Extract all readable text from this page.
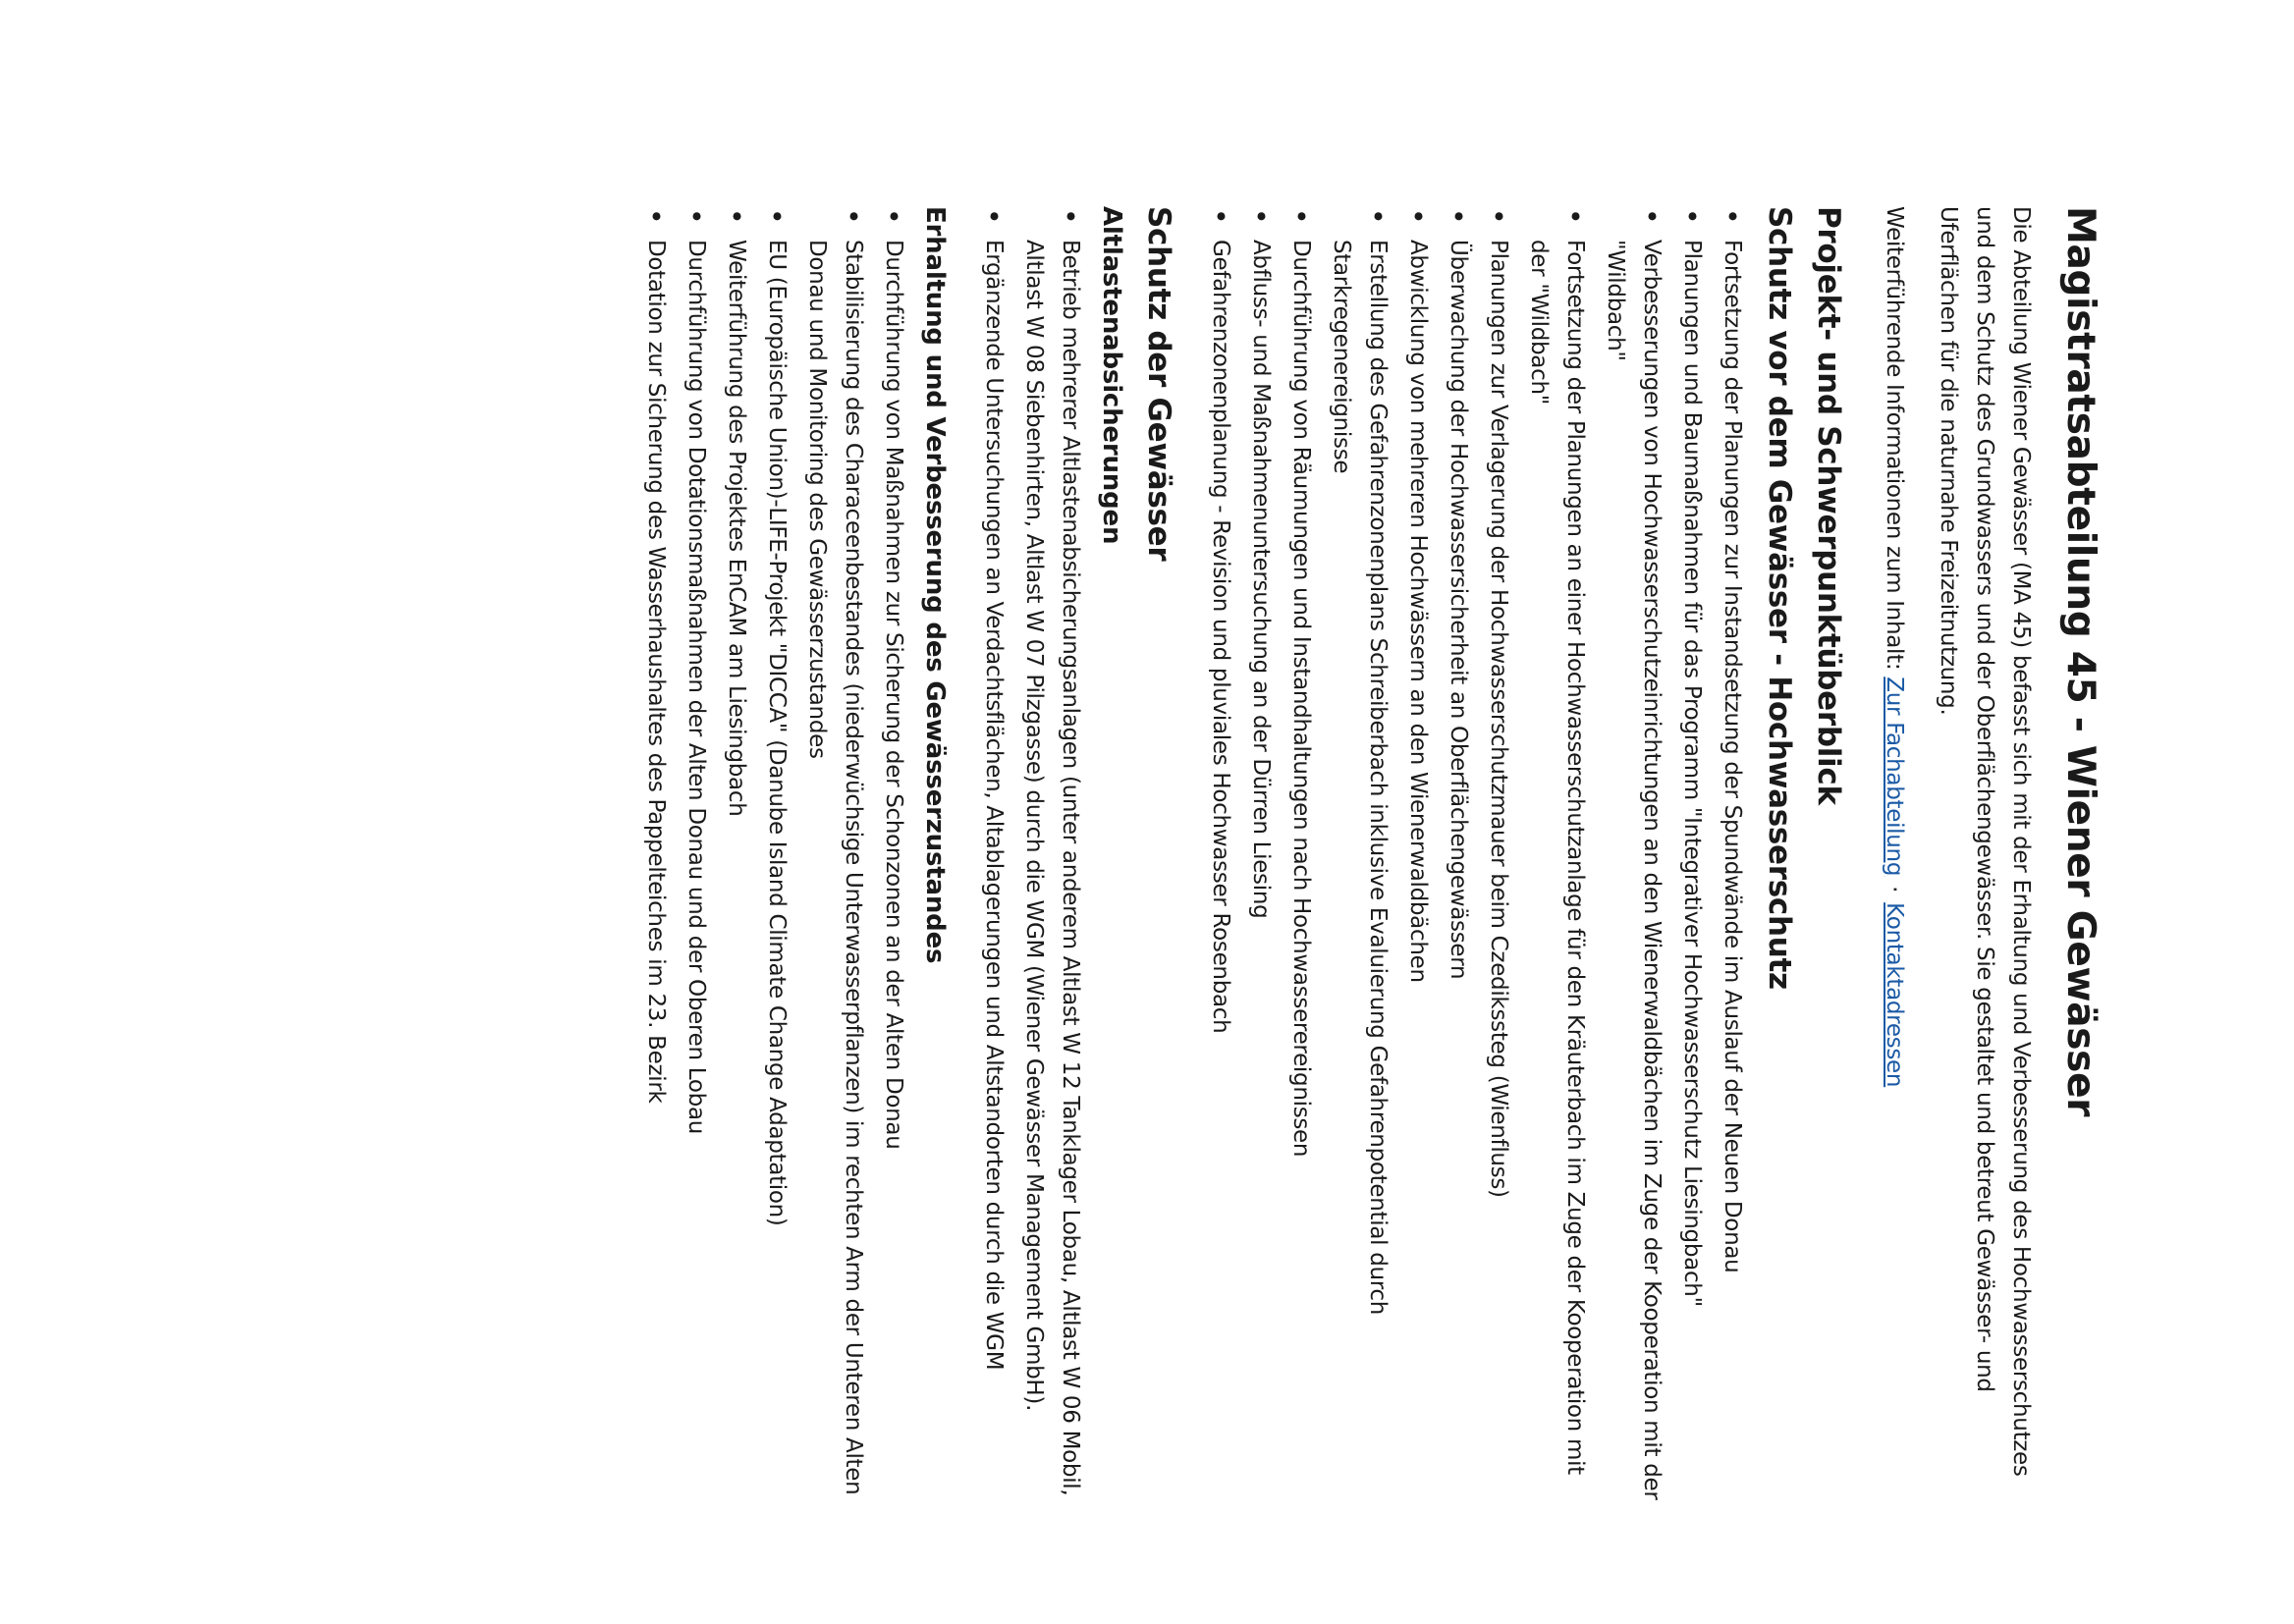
Magistratsabteilung 45 - Wiener Gewässer

Die Abteilung Wiener Gewässer (MA 45) befasst sich mit der Erhaltung und Verbesserung des Hochwasserschutzes und dem Schutz des Grundwassers und der Oberflächengewässer. Sie gestaltet und betreut Gewässer- und Uferflächen für die naturnahe Freizeitnutzung.

Weiterführende Informationen zum Inhalt: Zur Fachabteilung·Kontaktadressen

Projekt- und Schwerpunktüberblick
Schutz vor dem Gewässer - Hochwasserschutz
•
Fortsetzung der Planungen zur Instandsetzung der Spundwände im Auslauf der Neuen Donau
•
Planungen und Baumaßnahmen für das Programm "Integrativer Hochwasserschutz Liesingbach"
•
Verbesserungen von Hochwasserschutzeinrichtungen an den Wienerwaldbächen im Zuge der Kooperation mit der "Wildbach"
•
Fortsetzung der Planungen an einer Hochwasserschutzanlage für den Kräuterbach im Zuge der Kooperation mit der "Wildbach"
•
Planungen zur Verlagerung der Hochwasserschutzmauer beim Czedikssteg (Wienfluss)
•
Überwachung der Hochwassersicherheit an Oberflächengewässern
•
Abwicklung von mehreren Hochwässern an den Wienerwaldbächen
•
Erstellung des Gefahrenzonenplans Schreiberbach inklusive Evaluierung Gefahrenpotential durch Starkregenereignisse
•
Durchführung von Räumungen und Instandhaltungen nach Hochwasserereignissen
•
Abfluss- und Maßnahmenuntersuchung an der Dürren Liesing
•
Gefahrenzonenplanung - Revision und pluviales Hochwasser Rosenbach
Schutz der Gewässer
Altlastenabsicherungen
•
Betrieb mehrerer Altlastenabsicherungsanlagen (unter anderem Altlast W 12 Tanklager Lobau, Altlast W 06 Mobil, Altlast W 08 Siebenhirten, Altlast W 07 Pilzgasse) durch die WGM (Wiener Gewässer Management GmbH).
•
Ergänzende Untersuchungen an Verdachtsflächen, Altablagerungen und Altstandorten durch die WGM
Erhaltung und Verbesserung des Gewässerzustandes
•
Durchführung von Maßnahmen zur Sicherung der Schonzonen an der Alten Donau
•
Stabilisierung des Characeenbestandes (niederwüchsige Unterwasserpflanzen) im rechten Arm der Unteren Alten Donau und Monitoring des Gewässerzustandes
•
EU (Europäische Union)-LIFE-Projekt "DICCA" (Danube Island Climate Change Adaptation)
•
Weiterführung des Projektes EnCAM am Liesingbach
•
Durchführung von Dotationsmaßnahmen der Alten Donau und der Oberen Lobau
•
Dotation zur Sicherung des Wasserhaushaltes des Pappelteiches im 23. Bezirk
